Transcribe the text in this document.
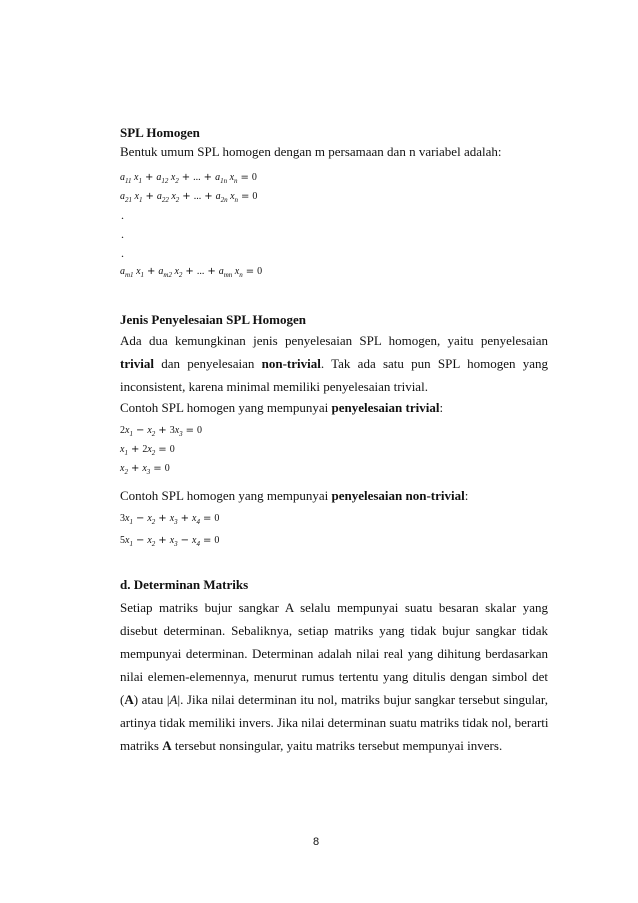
SPL Homogen
Bentuk umum SPL homogen dengan m persamaan dan n variabel adalah:
$a_{11}$ $x_1 + a_{12}$ $x_2$ + ... + $a_{1n}$ $x_n = 0$
$a_{21}$ $x_1 + a_{22}$ $x_2$ + ... + $a_{2n}$ $x_n = 0$
.
.
.
$a_{m1}$ $x_1 + a_{m2}$ $x_2$ + ... + $a_{mn}$ $x_n = 0$
Jenis Penyelesaian SPL Homogen
Ada dua kemungkinan jenis penyelesaian SPL homogen, yaitu penyelesaian
trivial dan penyelesaian non-trivial. Tak ada satu pun SPL homogen yang
inconsistent, karena minimal memiliki penyelesaian trivial.
Contoh SPL homogen yang mempunyai penyelesaian trivial:
$2x_1 - x_2 + 3x_3 = 0$
$x_1 + 2x_2 = 0$
$x_2 + x_3 = 0$
Contoh SPL homogen yang mempunyai penyelesaian non-trivial:
$3x_1 - x_2 + x_3 + x_4 = 0$
$5x_1 - x_2 + x_3 - x_4 = 0$
d. Determinan Matriks
Setiap matriks bujur sangkar A selalu mempunyai suatu besaran skalar yang
disebut determinan. Sebaliknya, setiap matriks yang tidak bujur sangkar tidak
mempunyai determinan. Determinan adalah nilai real yang dihitung berdasarkan
nilai elemen-elemennya, menurut rumus tertentu yang ditulis dengan simbol det
(A) atau |A|. Jika nilai determinan itu nol, matriks bujur sangkar tersebut singular,
artinya tidak memiliki invers. Jika nilai determinan suatu matriks tidak nol, berarti
matriks A tersebut nonsingular, yaitu matriks tersebut mempunyai invers.
8
